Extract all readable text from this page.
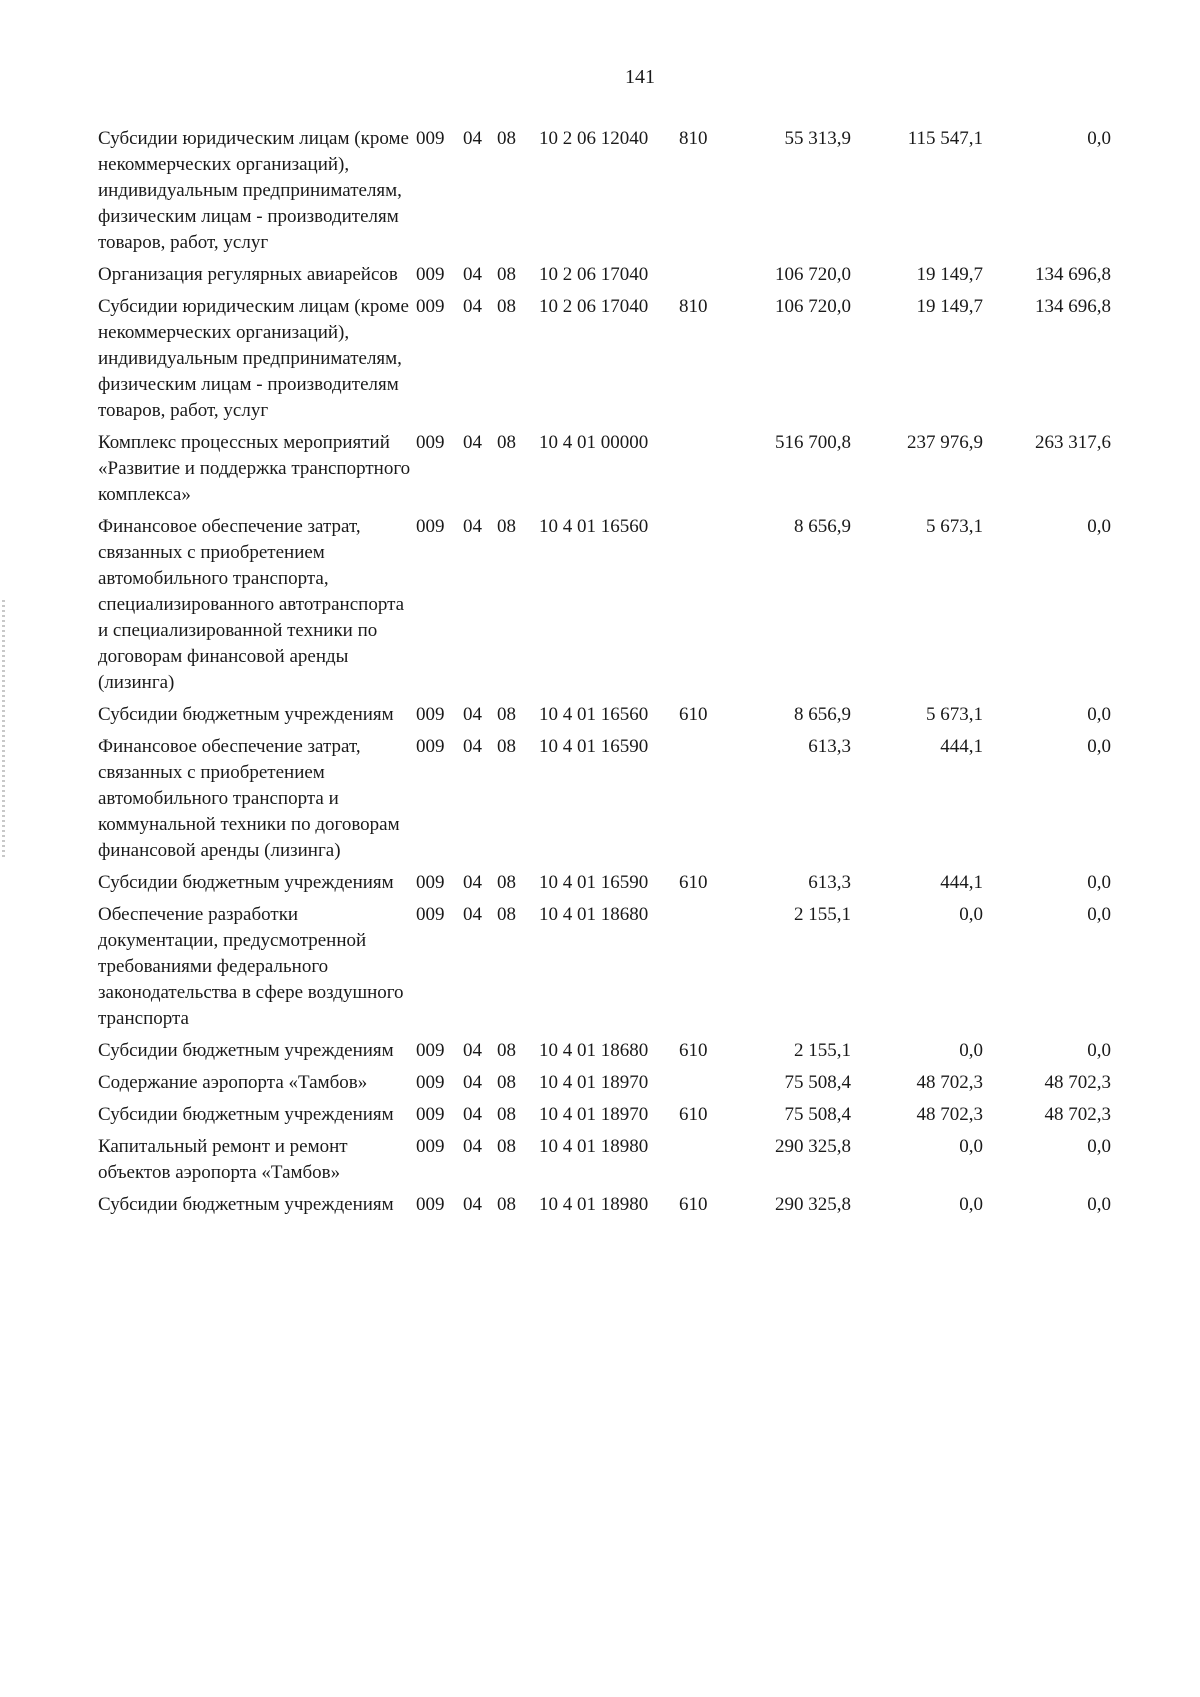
141
Субсидии юридическим лицам (кроме некоммерческих организаций), индивидуальным предпринимателям, физическим лицам - производителям товаров, работ, услуг	009	04	08	10 2 06 12040	810	55 313,9	115 547,1	0,0
Организация регулярных авиарейсов	009	04	08	10 2 06 17040		106 720,0	19 149,7	134 696,8
Субсидии юридическим лицам (кроме некоммерческих организаций), индивидуальным предпринимателям, физическим лицам - производителям товаров, работ, услуг	009	04	08	10 2 06 17040	810	106 720,0	19 149,7	134 696,8
Комплекс процессных мероприятий «Развитие и поддержка транспортного комплекса»	009	04	08	10 4 01 00000		516 700,8	237 976,9	263 317,6
Финансовое обеспечение затрат, связанных с приобретением автомобильного транспорта, специализированного автотранспорта и специализированной техники по договорам финансовой аренды (лизинга)	009	04	08	10 4 01 16560		8 656,9	5 673,1	0,0
Субсидии бюджетным учреждениям	009	04	08	10 4 01 16560	610	8 656,9	5 673,1	0,0
Финансовое обеспечение затрат, связанных с приобретением автомобильного транспорта и коммунальной техники по договорам финансовой аренды (лизинга)	009	04	08	10 4 01 16590		613,3	444,1	0,0
Субсидии бюджетным учреждениям	009	04	08	10 4 01 16590	610	613,3	444,1	0,0
Обеспечение разработки документации, предусмотренной требованиями федерального законодательства в сфере воздушного транспорта	009	04	08	10 4 01 18680		2 155,1	0,0	0,0
Субсидии бюджетным учреждениям	009	04	08	10 4 01 18680	610	2 155,1	0,0	0,0
Содержание аэропорта «Тамбов»	009	04	08	10 4 01 18970		75 508,4	48 702,3	48 702,3
Субсидии бюджетным учреждениям	009	04	08	10 4 01 18970	610	75 508,4	48 702,3	48 702,3
Капитальный ремонт и ремонт объектов аэропорта «Тамбов»	009	04	08	10 4 01 18980		290 325,8	0,0	0,0
Субсидии бюджетным учреждениям	009	04	08	10 4 01 18980	610	290 325,8	0,0	0,0
